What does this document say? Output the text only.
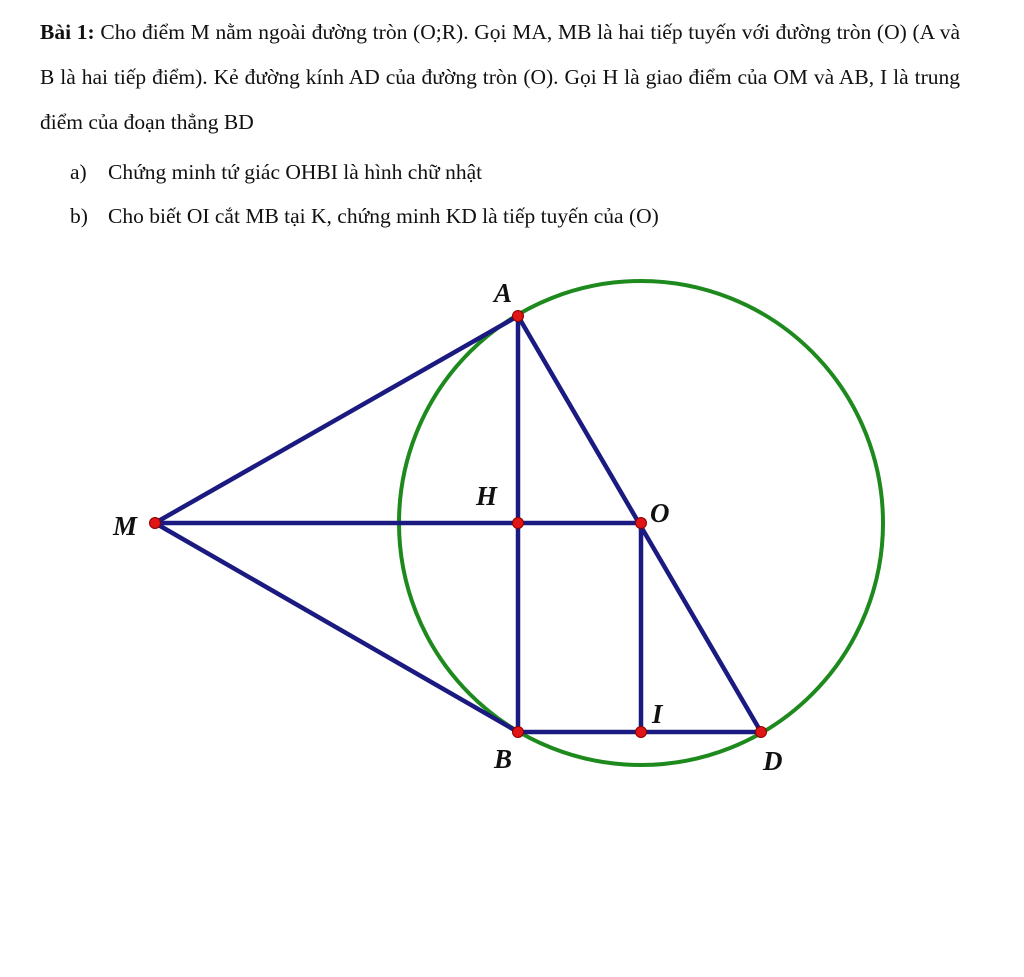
Bài 1: Cho điểm M nằm ngoài đường tròn (O;R). Gọi MA, MB là hai tiếp tuyến với đường tròn (O) (A và B là hai tiếp điểm). Kẻ đường kính AD của đường tròn (O). Gọi H là giao điểm của OM và AB, I là trung điểm của đoạn thẳng BD
a) Chứng minh tứ giác OHBI là hình chữ nhật
b) Cho biết OI cắt MB tại K, chứng minh KD là tiếp tuyến của (O)
A
M
H
O
I
B	D
